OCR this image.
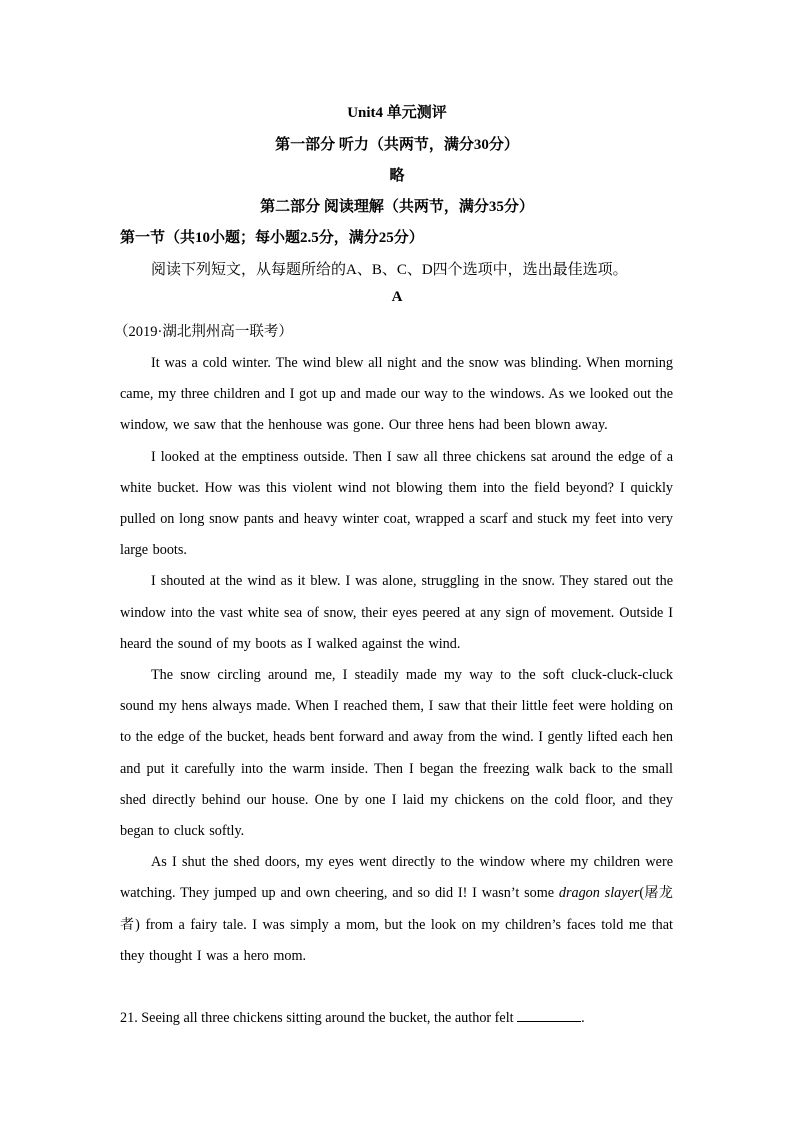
Unit4 单元测评
第一部分 听力（共两节，满分30分）
略
第二部分 阅读理解（共两节，满分35分）
第一节（共10小题；每小题2.5分，满分25分）
阅读下列短文，从每题所给的A、B、C、D四个选项中，选出最佳选项。
A
（2019·湖北荆州高一联考）

It was a cold winter. The wind blew all night and the snow was blinding. When morning came, my three children and I got up and made our way to the windows. As we looked out the window, we saw that the henhouse was gone. Our three hens had been blown away.

I looked at the emptiness outside. Then I saw all three chickens sat around the edge of a white bucket. How was this violent wind not blowing them into the field beyond? I quickly pulled on long snow pants and heavy winter coat, wrapped a scarf and stuck my feet into very large boots.

I shouted at the wind as it blew. I was alone, struggling in the snow. They stared out the window into the vast white sea of snow, their eyes peered at any sign of movement. Outside I heard the sound of my boots as I walked against the wind.

The snow circling around me, I steadily made my way to the soft cluck-cluck-cluck sound my hens always made. When I reached them, I saw that their little feet were holding on to the edge of the bucket, heads bent forward and away from the wind. I gently lifted each hen and put it carefully into the warm inside. Then I began the freezing walk back to the small shed directly behind our house. One by one I laid my chickens on the cold floor, and they began to cluck softly.

As I shut the shed doors, my eyes went directly to the window where my children were watching. They jumped up and own cheering, and so did I! I wasn’t some dragon slayer(屠龙者) from a fairy tale. I was simply a mom, but the look on my children’s faces told me that they thought I was a hero mom.

21. Seeing all three chickens sitting around the bucket, the author felt	.
